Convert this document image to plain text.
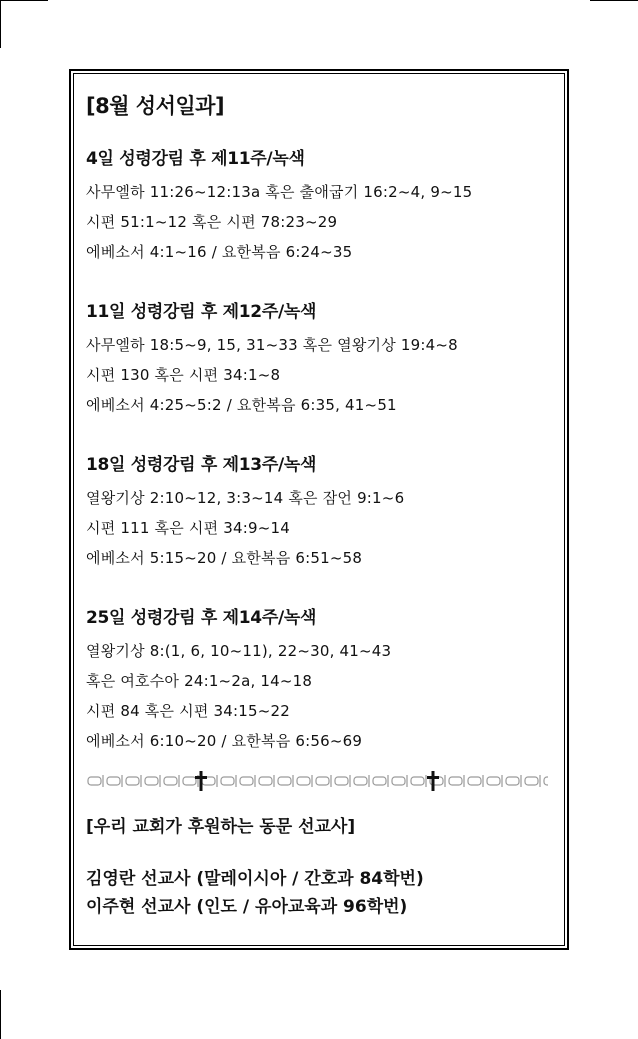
[8월 성서일과]
4일 성령강림 후 제11주/녹색
사무엘하 11:26~12:13a 혹은 출애굽기 16:2~4, 9~15
시편 51:1~12 혹은 시편 78:23~29
에베소서 4:1~16 / 요한복음 6:24~35
11일 성령강림 후 제12주/녹색
사무엘하 18:5~9, 15, 31~33 혹은 열왕기상 19:4~8
시편 130 혹은 시편 34:1~8
에베소서 4:25~5:2 / 요한복음 6:35, 41~51
18일 성령강림 후 제13주/녹색
열왕기상 2:10~12, 3:3~14 혹은 잠언 9:1~6
시편 111 혹은 시편 34:9~14
에베소서 5:15~20 / 요한복음 6:51~58
25일 성령강림 후 제14주/녹색
열왕기상 8:(1, 6, 10~11), 22~30, 41~43
혹은 여호수아 24:1~2a, 14~18
시편 84 혹은 시편 34:15~22
에베소서 6:10~20 / 요한복음 6:56~69
[우리 교회가 후원하는 동문 선교사]
김영란 선교사 (말레이시아 / 간호과 84학번)
이주현 선교사 (인도 / 유아교육과 96학번)
